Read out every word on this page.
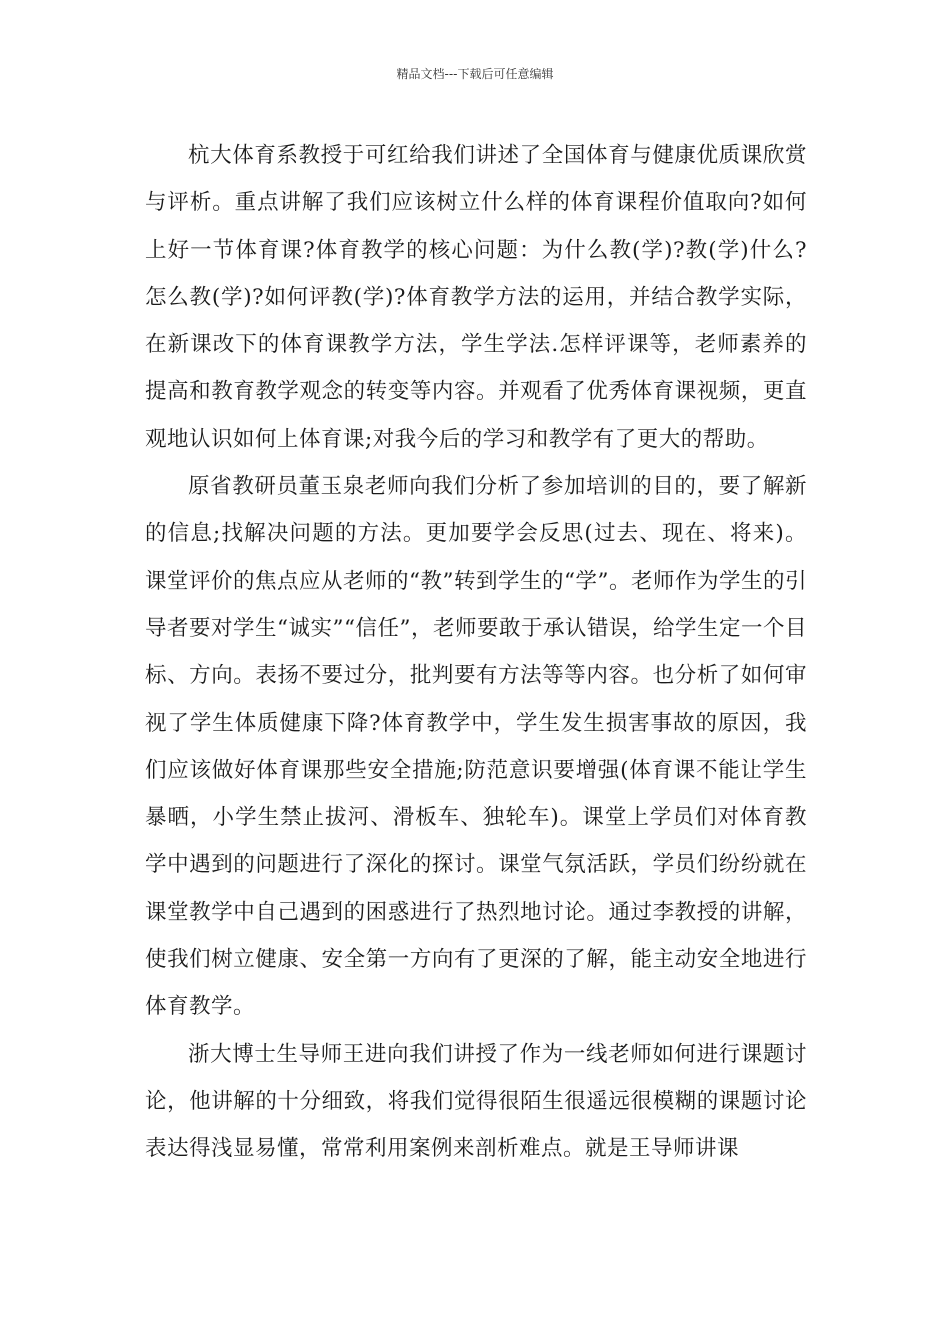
精品文档---下载后可任意编辑

杭大体育系教授于可红给我们讲述了全国体育与健康优质课欣赏与评析。重点讲解了我们应该树立什么样的体育课程价值取向?如何上好一节体育课?体育教学的核心问题：为什么教(学)?教(学)什么?怎么教(学)?如何评教(学)?体育教学方法的运用，并结合教学实际，在新课改下的体育课教学方法，学生学法.怎样评课等，老师素养的提高和教育教学观念的转变等内容。并观看了优秀体育课视频，更直观地认识如何上体育课;对我今后的学习和教学有了更大的帮助。

原省教研员董玉泉老师向我们分析了参加培训的目的，要了解新的信息;找解决问题的方法。更加要学会反思(过去、现在、将来)。课堂评价的焦点应从老师的“教”转到学生的“学”。老师作为学生的引导者要对学生“诚实”“信任”，老师要敢于承认错误，给学生定一个目标、方向。表扬不要过分，批判要有方法等等内容。也分析了如何审视了学生体质健康下降?体育教学中，学生发生损害事故的原因，我们应该做好体育课那些安全措施;防范意识要增强(体育课不能让学生暴晒，小学生禁止拔河、滑板车、独轮车)。课堂上学员们对体育教学中遇到的问题进行了深化的探讨。课堂气氛活跃，学员们纷纷就在课堂教学中自己遇到的困惑进行了热烈地讨论。通过李教授的讲解，使我们树立健康、安全第一方向有了更深的了解，能主动安全地进行体育教学。

浙大博士生导师王进向我们讲授了作为一线老师如何进行课题讨论，他讲解的十分细致，将我们觉得很陌生很遥远很模糊的课题讨论表达得浅显易懂，常常利用案例来剖析难点。就是王导师讲课
